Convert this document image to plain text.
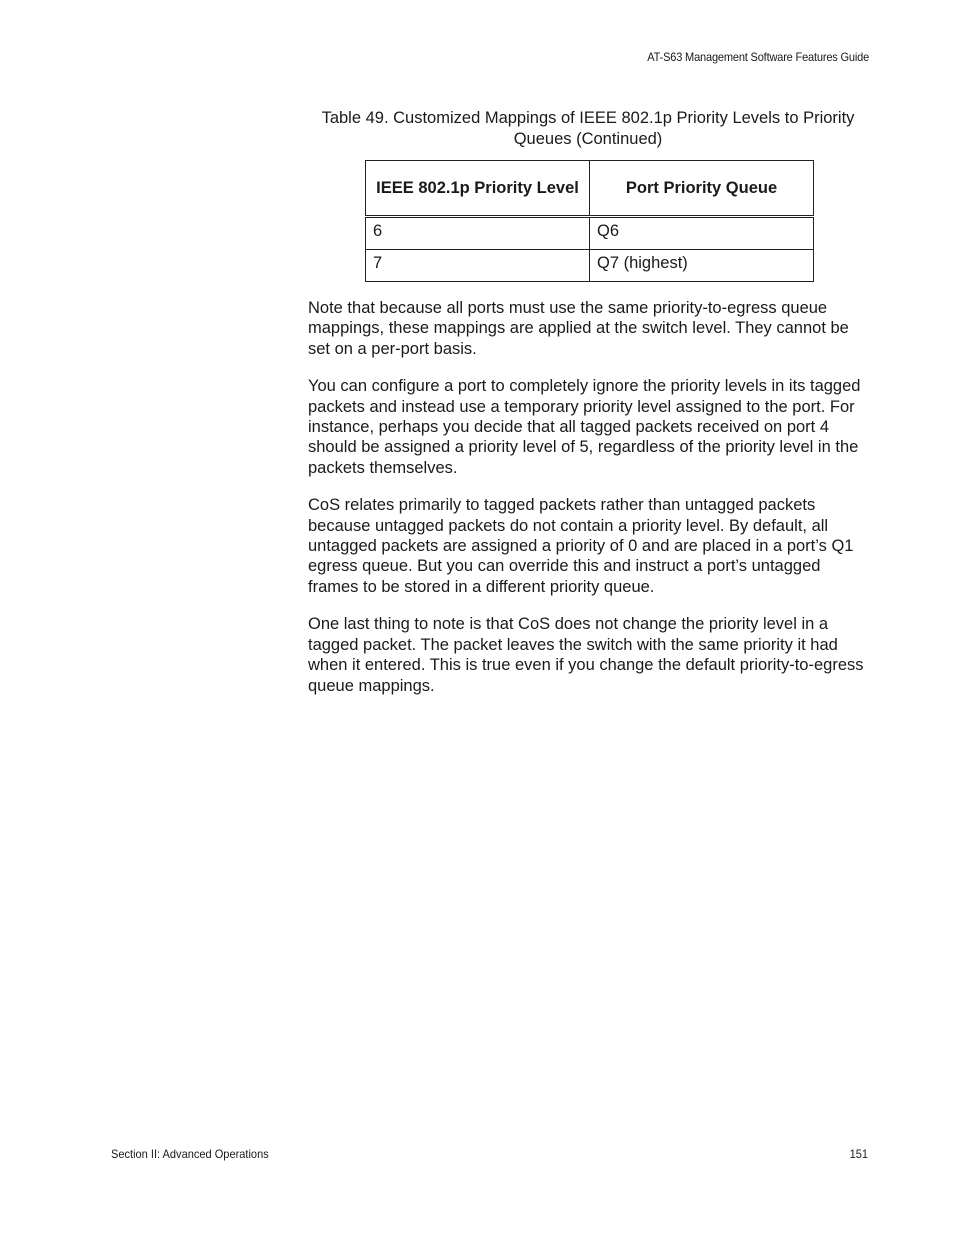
AT-S63 Management Software Features Guide
Table 49. Customized Mappings of IEEE 802.1p Priority Levels to Priority Queues (Continued)
IEEE 802.1p Priority Level	Port Priority Queue
6	Q6
7	Q7 (highest)

Note that because all ports must use the same priority-to-egress queue mappings, these mappings are applied at the switch level. They cannot be set on a per-port basis.

You can configure a port to completely ignore the priority levels in its tagged packets and instead use a temporary priority level assigned to the port. For instance, perhaps you decide that all tagged packets received on port 4 should be assigned a priority level of 5, regardless of the priority level in the packets themselves.

CoS relates primarily to tagged packets rather than untagged packets because untagged packets do not contain a priority level. By default, all untagged packets are assigned a priority of 0 and are placed in a port’s Q1 egress queue. But you can override this and instruct a port’s untagged frames to be stored in a different priority queue.

One last thing to note is that CoS does not change the priority level in a tagged packet. The packet leaves the switch with the same priority it had when it entered. This is true even if you change the default priority-to-egress queue mappings.

Section II: Advanced Operations	151
